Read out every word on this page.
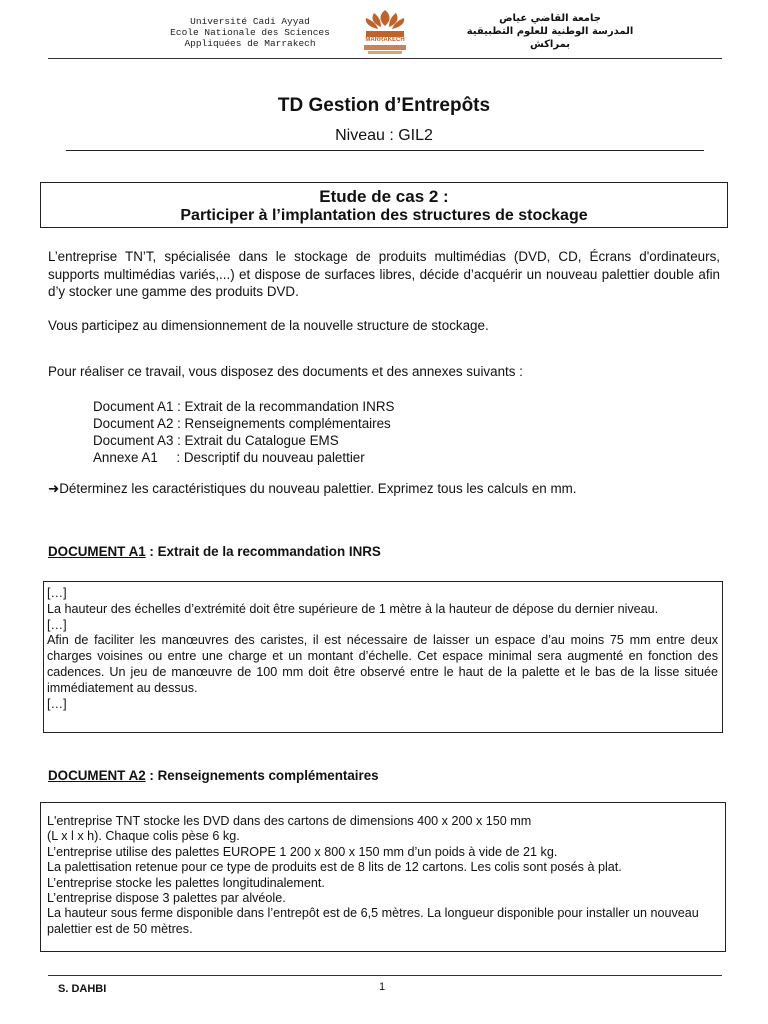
Université Cadi Ayyad
Ecole Nationale des Sciences
Appliquées de Marrakech	MARRAKECH
جامعة القاضي عياض
المدرسة الوطنية للعلوم التطبيقية
بمراكش
TD Gestion d’Entrepôts
Niveau : GIL2
Etude de cas 2 :
Participer à l’implantation des structures de stockage
L’entreprise TN’T, spécialisée dans le stockage de produits multimédias (DVD, CD, Écrans d'ordinateurs, supports multimédias variés,...) et dispose de surfaces libres, décide d’acquérir un nouveau palettier double afin d’y stocker une gamme des produits DVD.
Vous participez au dimensionnement de la nouvelle structure de stockage.
Pour réaliser ce travail, vous disposez des documents et des annexes suivants :
Document A1 : Extrait de la recommandation INRS
Document A2 : Renseignements complémentaires
Document A3 : Extrait du Catalogue EMS
Annexe A1     : Descriptif du nouveau palettier
➜Déterminez les caractéristiques du nouveau palettier. Exprimez tous les calculs en mm.
DOCUMENT A1 : Extrait de la recommandation INRS

[…]

La hauteur des échelles d’extrémité doit être supérieure de 1 mètre à la hauteur de dépose du dernier niveau.

[…]

Afin de faciliter les manœuvres des caristes, il est nécessaire de laisser un espace d’au moins 75 mm entre deux charges voisines ou entre une charge et un montant d’échelle. Cet espace minimal sera augmenté en fonction des cadences. Un jeu de manœuvre de 100 mm doit être observé entre le haut de la palette et le bas de la lisse située immédiatement au dessus.

[…]

DOCUMENT A2 : Renseignements complémentaires

L'entreprise TNT stocke les DVD dans des cartons de dimensions 400 x 200 x 150 mm

(L x l x h). Chaque colis pèse 6 kg.

L’entreprise utilise des palettes EUROPE 1 200 x 800 x 150 mm d’un poids à vide de 21 kg.

La palettisation retenue pour ce type de produits est de 8 lits de 12 cartons. Les colis sont posés à plat.

L’entreprise stocke les palettes longitudinalement.

L’entreprise dispose 3 palettes par alvéole.

La hauteur sous ferme disponible dans l’entrepôt est de 6,5 mètres. La longueur disponible pour installer un nouveau palettier est de 50 mètres.

S. DAHBI	1
